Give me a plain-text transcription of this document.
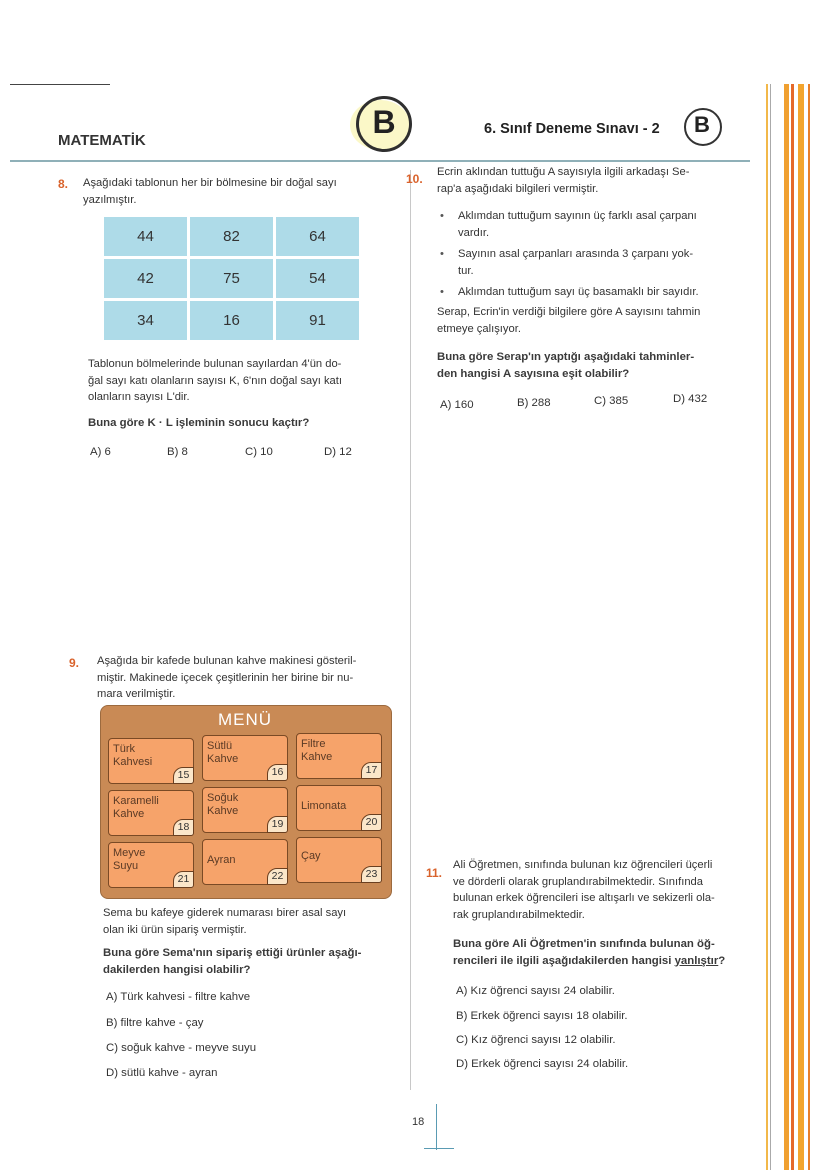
MATEMATİK
B	6. Sınıf Deneme Sınavı - 2	B
8. Aşağıdaki tablonun her bir bölmesine bir doğal sayı
yazılmıştır.
44	82	64
42	75	54
34	16	91
Tablonun bölmelerinde bulunan sayılardan 4'ün do-
ğal sayı katı olanların sayısı K, 6'nın doğal sayı katı
olanların sayısı L'dir.
Buna göre K · L işleminin sonucu kaçtır?
A) 6	B) 8	C) 10	D) 12
9. Aşağıda bir kafede bulunan kahve makinesi gösteril-
miştir. Makinede içecek çeşitlerinin her birine bir nu-
mara verilmiştir.
MENÜ
Türk
Kahvesi
15
Sütlü
Kahve
16
Filtre
Kahve
17
Karamelli
Kahve
18
Soğuk
Kahve
19
Limonata
20
Meyve
Suyu
21
Ayran
22
Çay
23
Sema bu kafeye giderek numarası birer asal sayı
olan iki ürün sipariş vermiştir.
Buna göre Sema'nın sipariş ettiği ürünler aşağı-
dakilerden hangisi olabilir?
A) Türk kahvesi - filtre kahve
B) filtre kahve - çay
C) soğuk kahve - meyve suyu
D) sütlü kahve - ayran
10. Ecrin aklından tuttuğu A sayısıyla ilgili arkadaşı Se-
rap'a aşağıdaki bilgileri vermiştir.
• Aklımdan tuttuğum sayının üç farklı asal çarpanı
vardır.
• Sayının asal çarpanları arasında 3 çarpanı yok-
tur.
• Aklımdan tuttuğum sayı üç basamaklı bir sayıdır.
Serap, Ecrin'in verdiği bilgilere göre A sayısını tahmin
etmeye çalışıyor.
Buna göre Serap'ın yaptığı aşağıdaki tahminler-
den hangisi A sayısına eşit olabilir?
A) 160	B) 288	C) 385	D) 432
11.
Ali Öğretmen, sınıfında bulunan kız öğrencileri üçerli
ve dörderli olarak gruplandırabilmektedir. Sınıfında
bulunan erkek öğrencileri ise altışarlı ve sekizerli ola-
rak gruplandırabilmektedir.
Buna göre Ali Öğretmen'in sınıfında bulunan öğ-
rencileri ile ilgili aşağıdakilerden hangisi yanlıştır?
A) Kız öğrenci sayısı 24 olabilir.
B) Erkek öğrenci sayısı 18 olabilir.
C) Kız öğrenci sayısı 12 olabilir.
D) Erkek öğrenci sayısı 24 olabilir.
18
